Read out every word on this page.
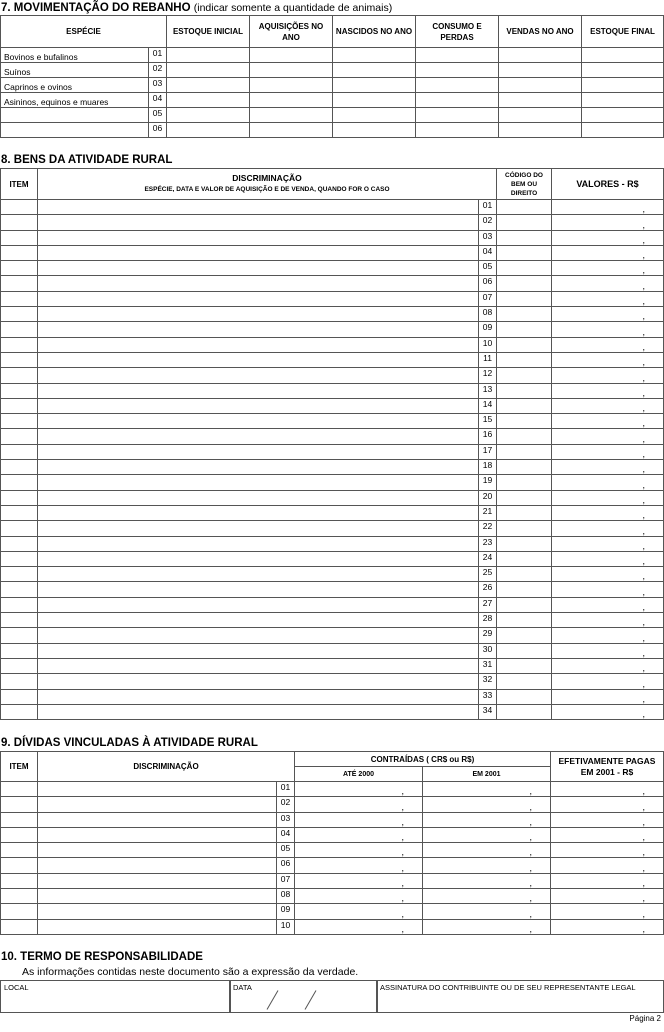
7. MOVIMENTAÇÃO DO REBANHO (indicar somente a quantidade de animais)
ESPÉCIE		ESTOQUE INICIAL	AQUISIÇÕES NO ANO	NASCIDOS NO ANO	CONSUMO E PERDAS	VENDAS NO ANO	ESTOQUE FINAL
Bovinos e bufalinos	01						
Suínos	02						
Caprinos e ovinos	03						
Asininos, equinos e muares	04						
	05						
	06						
8. BENS DA ATIVIDADE RURAL
ITEM	DISCRIMINAÇÃO
ESPÉCIE, DATA E VALOR DE AQUISIÇÃO E DE VENDA, QUANDO FOR O CASO		CÓDIGO DO BEM OU DIREITO	VALORES - R$
		01		,
		02		,
		03		,
		04		,
		05		,
		06		,
		07		,
		08		,
		09		,
		10		,
		11		,
		12		,
		13		,
		14		,
		15		,
		16		,
		17		,
		18		,
		19		,
		20		,
		21		,
		22		,
		23		,
		24		,
		25		,
		26		,
		27		,
		28		,
		29		,
		30		,
		31		,
		32		,
		33		,
		34		,
9. DÍVIDAS VINCULADAS À ATIVIDADE RURAL
ITEM	DISCRIMINAÇÃO		CONTRAÍDAS ( CR$ ou R$)		EFETIVAMENTE PAGAS EM 2001 - R$
			ATÉ 2000	EM 2001	
		01	,	,	,
		02	,	,	,
		03	,	,	,
		04	,	,	,
		05	,	,	,
		06	,	,	,
		07	,	,	,
		08	,	,	,
		09	,	,	,
		10	,	,	,
10. TERMO DE RESPONSABILIDADE
As informações contidas neste documento são a expressão da verdade.
LOCAL	DATA	ASSINATURA DO CONTRIBUINTE OU DE SEU REPRESENTANTE LEGAL
Página 2
